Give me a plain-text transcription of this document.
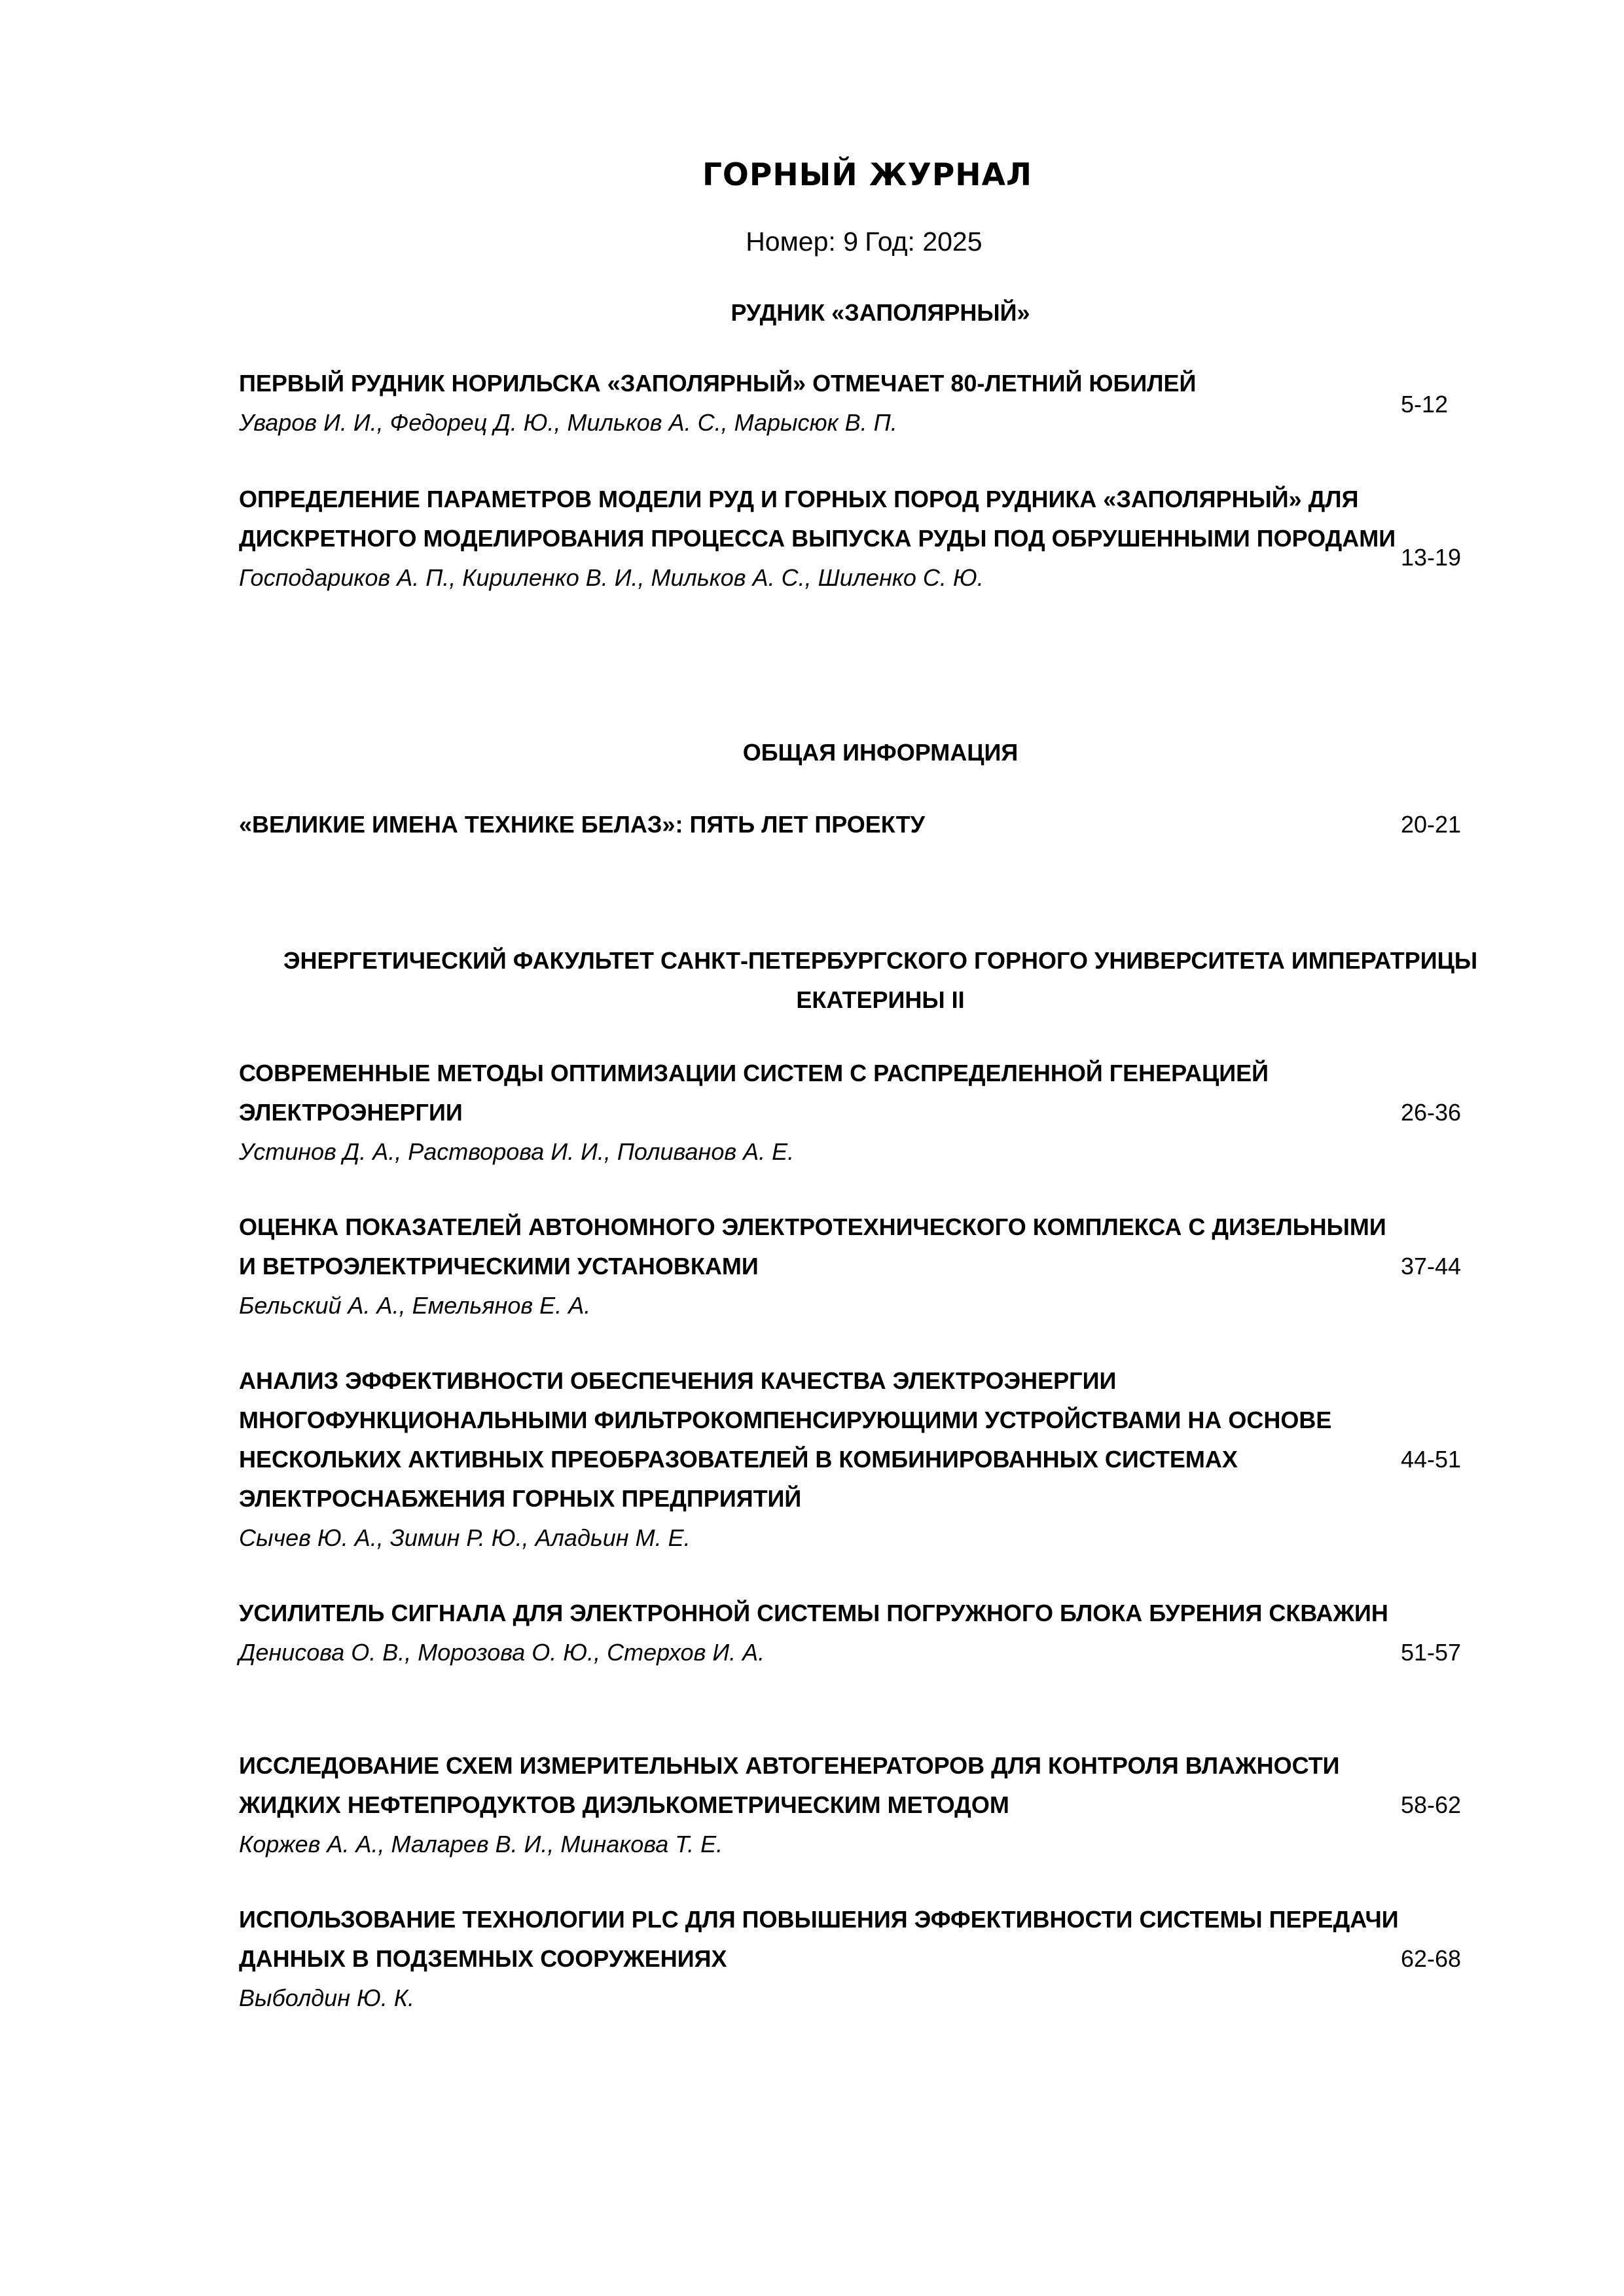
ГОРНЫЙ ЖУРНАЛ
Номер: 9 Год: 2025
РУДНИК «ЗАПОЛЯРНЫЙ»

ПЕРВЫЙ РУДНИК НОРИЛЬСКА «ЗАПОЛЯРНЫЙ» ОТМЕЧАЕТ 80-ЛЕТНИЙ ЮБИЛЕЙ

Уваров И. И., Федорец Д. Ю., Мильков А. С., Марысюк В. П.

5-12

ОПРЕДЕЛЕНИЕ ПАРАМЕТРОВ МОДЕЛИ РУД И ГОРНЫХ ПОРОД РУДНИКА «ЗАПОЛЯРНЫЙ» ДЛЯ ДИСКРЕТНОГО МОДЕЛИРОВАНИЯ ПРОЦЕССА ВЫПУСКА РУДЫ ПОД ОБРУШЕННЫМИ ПОРОДАМИ

Господариков А. П., Кириленко В. И., Мильков А. С., Шиленко С. Ю.

13-19
ОБЩАЯ ИНФОРМАЦИЯ

«ВЕЛИКИЕ ИМЕНА ТЕХНИКЕ БЕЛАЗ»: ПЯТЬ ЛЕТ ПРОЕКТУ	20-21
ЭНЕРГЕТИЧЕСКИЙ ФАКУЛЬТЕТ САНКТ-ПЕТЕРБУРГСКОГО ГОРНОГО УНИВЕРСИТЕТА ИМПЕРАТРИЦЫ ЕКАТЕРИНЫ II

СОВРЕМЕННЫЕ МЕТОДЫ ОПТИМИЗАЦИИ СИСТЕМ С РАСПРЕДЕЛЕННОЙ ГЕНЕРАЦИЕЙ ЭЛЕКТРОЭНЕРГИИ

Устинов Д. А., Растворова И. И., Поливанов А. Е.

26-36

ОЦЕНКА ПОКАЗАТЕЛЕЙ АВТОНОМНОГО ЭЛЕКТРОТЕХНИЧЕСКОГО КОМПЛЕКСА С ДИЗЕЛЬНЫМИ И ВЕТРОЭЛЕКТРИЧЕСКИМИ УСТАНОВКАМИ

Бельский А. А., Емельянов Е. А.

37-44

АНАЛИЗ ЭФФЕКТИВНОСТИ ОБЕСПЕЧЕНИЯ КАЧЕСТВА ЭЛЕКТРОЭНЕРГИИ МНОГОФУНКЦИОНАЛЬНЫМИ ФИЛЬТРОКОМПЕНСИРУЮЩИМИ УСТРОЙСТВАМИ НА ОСНОВЕ НЕСКОЛЬКИХ АКТИВНЫХ ПРЕОБРАЗОВАТЕЛЕЙ В КОМБИНИРОВАННЫХ СИСТЕМАХ ЭЛЕКТРОСНАБЖЕНИЯ ГОРНЫХ ПРЕДПРИЯТИЙ

Сычев Ю. А., Зимин Р. Ю., Аладьин М. Е.

44-51

УСИЛИТЕЛЬ СИГНАЛА ДЛЯ ЭЛЕКТРОННОЙ СИСТЕМЫ ПОГРУЖНОГО БЛОКА БУРЕНИЯ СКВАЖИН

Денисова О. В., Морозова О. Ю., Стерхов И. А.	51-57

ИССЛЕДОВАНИЕ СХЕМ ИЗМЕРИТЕЛЬНЫХ АВТОГЕНЕРАТОРОВ ДЛЯ КОНТРОЛЯ ВЛАЖНОСТИ ЖИДКИХ НЕФТЕПРОДУКТОВ ДИЭЛЬКОМЕТРИЧЕСКИМ МЕТОДОМ

Коржев А. А., Маларев В. И., Минакова Т. Е.

58-62

ИСПОЛЬЗОВАНИЕ ТЕХНОЛОГИИ PLC ДЛЯ ПОВЫШЕНИЯ ЭФФЕКТИВНОСТИ СИСТЕМЫ ПЕРЕДАЧИ ДАННЫХ В ПОДЗЕМНЫХ СООРУЖЕНИЯХ

Выболдин Ю. К.

62-68
